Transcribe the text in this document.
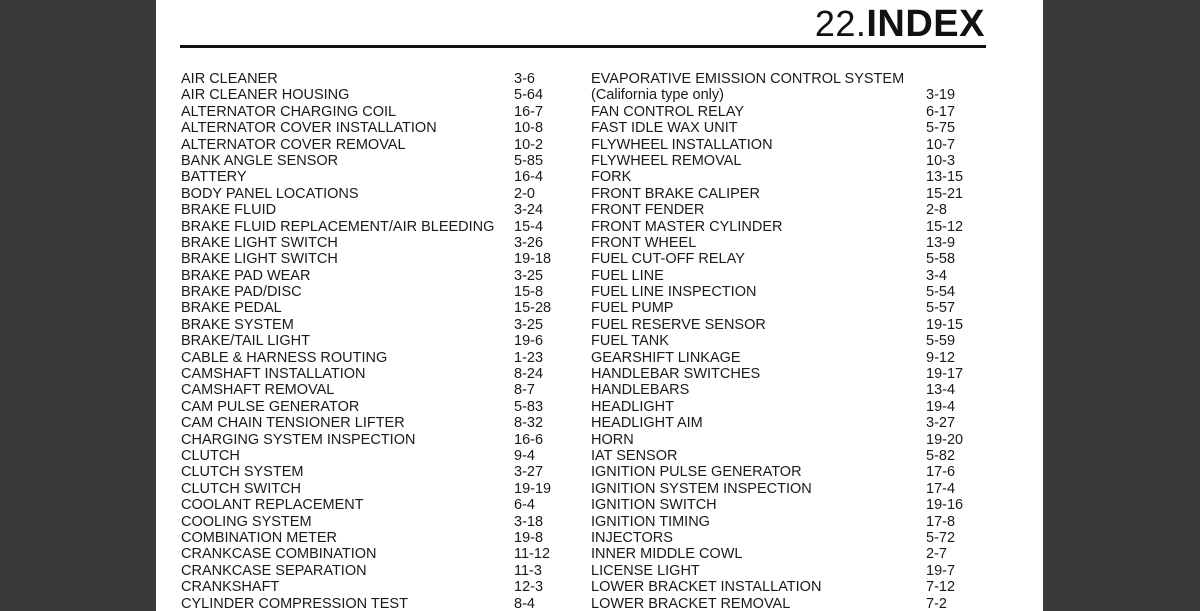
22.INDEX
AIR CLEANER	3-6
AIR CLEANER HOUSING	5-64
ALTERNATOR CHARGING COIL	16-7
ALTERNATOR COVER INSTALLATION	10-8
ALTERNATOR COVER REMOVAL	10-2
BANK ANGLE SENSOR	5-85
BATTERY	16-4
BODY PANEL LOCATIONS	2-0
BRAKE FLUID	3-24
BRAKE FLUID REPLACEMENT/AIR BLEEDING 15-4
BRAKE LIGHT SWITCH	3-26
BRAKE LIGHT SWITCH	19-18
BRAKE PAD WEAR	3-25
BRAKE PAD/DISC	15-8
BRAKE PEDAL	15-28
BRAKE SYSTEM	3-25
BRAKE/TAIL LIGHT	19-6
CABLE & HARNESS ROUTING	1-23
CAMSHAFT INSTALLATION	8-24
CAMSHAFT REMOVAL	8-7
CAM PULSE GENERATOR	5-83
CAM CHAIN TENSIONER LIFTER	8-32
CHARGING SYSTEM INSPECTION	16-6
CLUTCH	9-4
CLUTCH SYSTEM	3-27
CLUTCH SWITCH	19-19
COOLANT REPLACEMENT	6-4
COOLING SYSTEM	3-18
COMBINATION METER	19-8
CRANKCASE COMBINATION	11-12
CRANKCASE SEPARATION	11-3
CRANKSHAFT	12-3
CYLINDER COMPRESSION TEST	8-4
EVAPORATIVE EMISSION CONTROL SYSTEM
(California type only)	3-19
FAN CONTROL RELAY	6-17
FAST IDLE WAX UNIT	5-75
FLYWHEEL INSTALLATION	10-7
FLYWHEEL REMOVAL	10-3
FORK	13-15
FRONT BRAKE CALIPER	15-21
FRONT FENDER	2-8
FRONT MASTER CYLINDER	15-12
FRONT WHEEL	13-9
FUEL CUT-OFF RELAY	5-58
FUEL LINE	3-4
FUEL LINE INSPECTION	5-54
FUEL PUMP	5-57
FUEL RESERVE SENSOR	19-15
FUEL TANK	5-59
GEARSHIFT LINKAGE	9-12
HANDLEBAR SWITCHES	19-17
HANDLEBARS	13-4
HEADLIGHT	19-4
HEADLIGHT AIM	3-27
HORN	19-20
IAT SENSOR	5-82
IGNITION PULSE GENERATOR	17-6
IGNITION SYSTEM INSPECTION	17-4
IGNITION SWITCH	19-16
IGNITION TIMING	17-8
INJECTORS	5-72
INNER MIDDLE COWL	2-7
LICENSE LIGHT	19-7
LOWER BRACKET INSTALLATION	7-12
LOWER BRACKET REMOVAL	7-2
